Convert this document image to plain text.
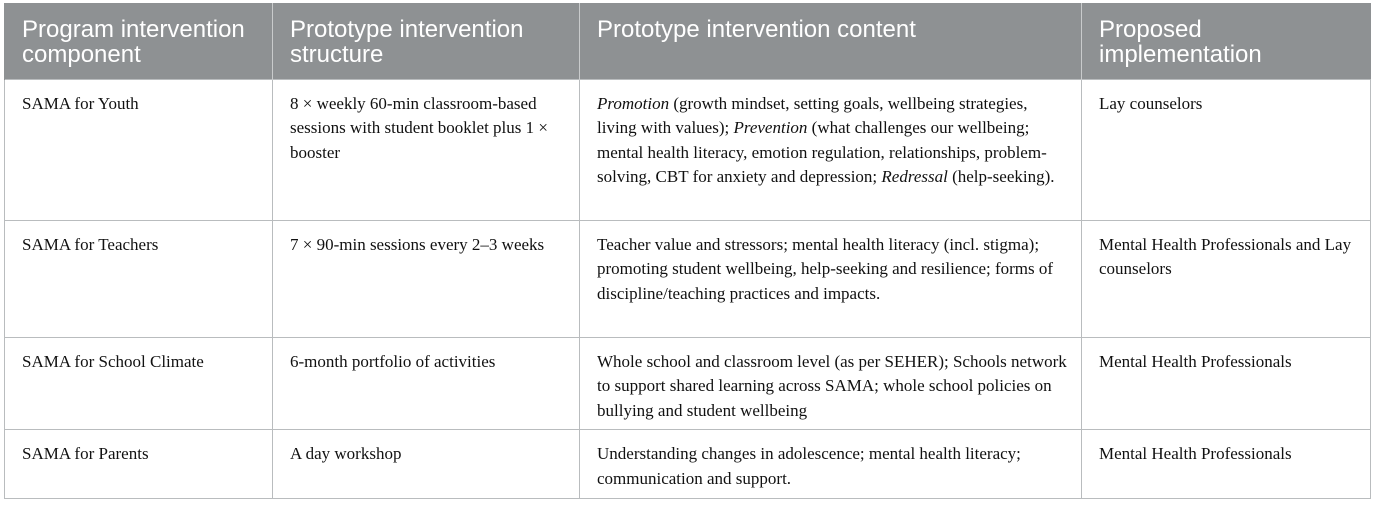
Program intervention component	Prototype intervention structure	Prototype intervention content	Proposed implementation
SAMA for Youth	8 × weekly 60-min classroom-based sessions with student booklet plus 1 × booster	Promotion (growth mindset, setting goals, wellbeing strategies, living with values); Prevention (what challenges our wellbeing; mental health literacy, emotion regulation, relationships, problem-solving, CBT for anxiety and depression; Redressal (help-seeking).	Lay counselors
SAMA for Teachers	7 × 90-min sessions every 2–3 weeks	Teacher value and stressors; mental health literacy (incl. stigma); promoting student wellbeing, help-seeking and resilience; forms of discipline/teaching practices and impacts.	Mental Health Professionals and Lay counselors
SAMA for School Climate	6-month portfolio of activities	Whole school and classroom level (as per SEHER); Schools network to support shared learning across SAMA; whole school policies on bullying and student wellbeing	Mental Health Professionals
SAMA for Parents	A day workshop	Understanding changes in adolescence; mental health literacy; communication and support.	Mental Health Professionals
